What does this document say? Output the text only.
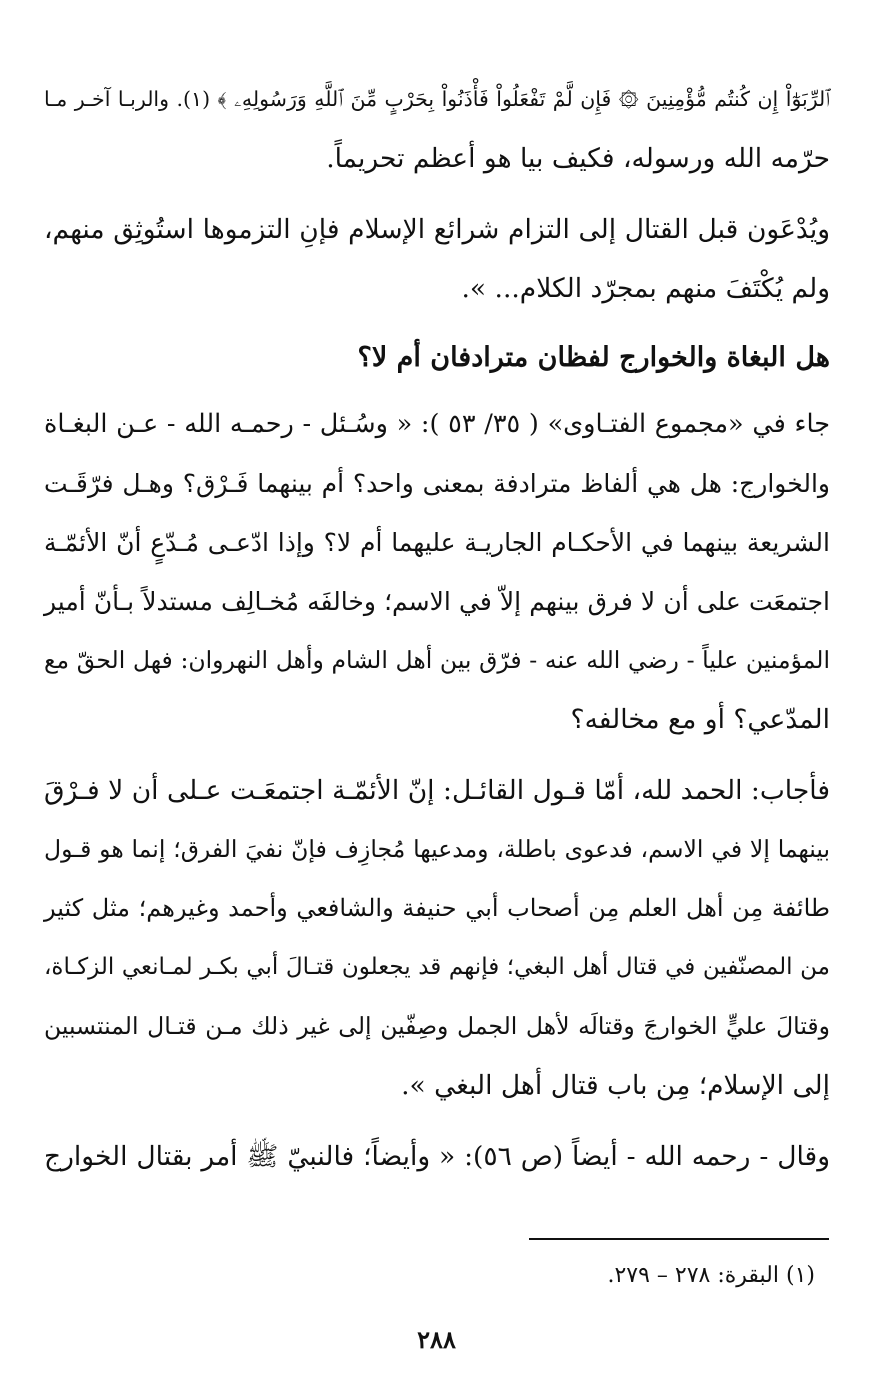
ٱلرِّبَوٰٓاْ إِن كُنتُم مُّؤْمِنِينَ ۞ فَإِن لَّمْ تَفْعَلُواْ فَأْذَنُواْ بِحَرْبٍ مِّنَ ٱللَّهِ وَرَسُولِهِۦ ﴾ (١). والربـا آخـر مـا
حرّمه الله ورسوله، فكيف بيا هو أعظم تحريماً.
ويُدْعَون قبل القتال إلى التزام شرائع الإسلام فإنِ التزموها استُوثِق منهم،
ولم يُكْتَفَ منهم بمجرّد الكلام... ».
هل البغاة والخوارج لفظان مترادفان أم لا؟
جاء في «مجموع الفتـاوى» ( ٣٥/ ٥٣ ): « وسُـئل - رحمـه الله - عـن البغـاة
والخوارج: هل هي ألفاظ مترادفة بمعنى واحد؟ أم بينهما فَـرْق؟ وهـل فرّقَـت
الشريعة بينهما في الأحكـام الجاريـة عليهما أم لا؟ وإذا ادّعـى مُـدّعٍ أنّ الأئمّـة
اجتمعَت على أن لا فرق بينهم إلاّ في الاسم؛ وخالفَه مُخـالِف مستدلاً بـأنّ أمير
المؤمنين علياً - رضي الله عنه - فرّق بين أهل الشام وأهل النهروان: فهل الحقّ مع
المدّعي؟ أو مع مخالفه؟
فأجاب: الحمد لله، أمّا قـول القائـل: إنّ الأئمّـة اجتمعَـت عـلى أن لا فـرْقَ
بينهما إلا في الاسم، فدعوى باطلة، ومدعيها مُجازِف فإنّ نفيَ الفرق؛ إنما هو قـول
طائفة مِن أهل العلم مِن أصحاب أبي حنيفة والشافعي وأحمد وغيرهم؛ مثل كثير
من المصنّفين في قتال أهل البغي؛ فإنهم قد يجعلون قتـالَ أبي بكـر لمـانعي الزكـاة،
وقتالَ عليٍّ الخوارجَ وقتالَه لأهل الجمل وصِفّين إلى غير ذلك مـن قتـال المنتسبين
إلى الإسلام؛ مِن باب قتال أهل البغي ».
وقال - رحمه الله - أيضاً (ص ٥٦): « وأيضاً؛ فالنبيّ ﷺ أمر بقتال الخوارج
(١) البقرة: ٢٧٨ – ٢٧٩.
٢٨٨
